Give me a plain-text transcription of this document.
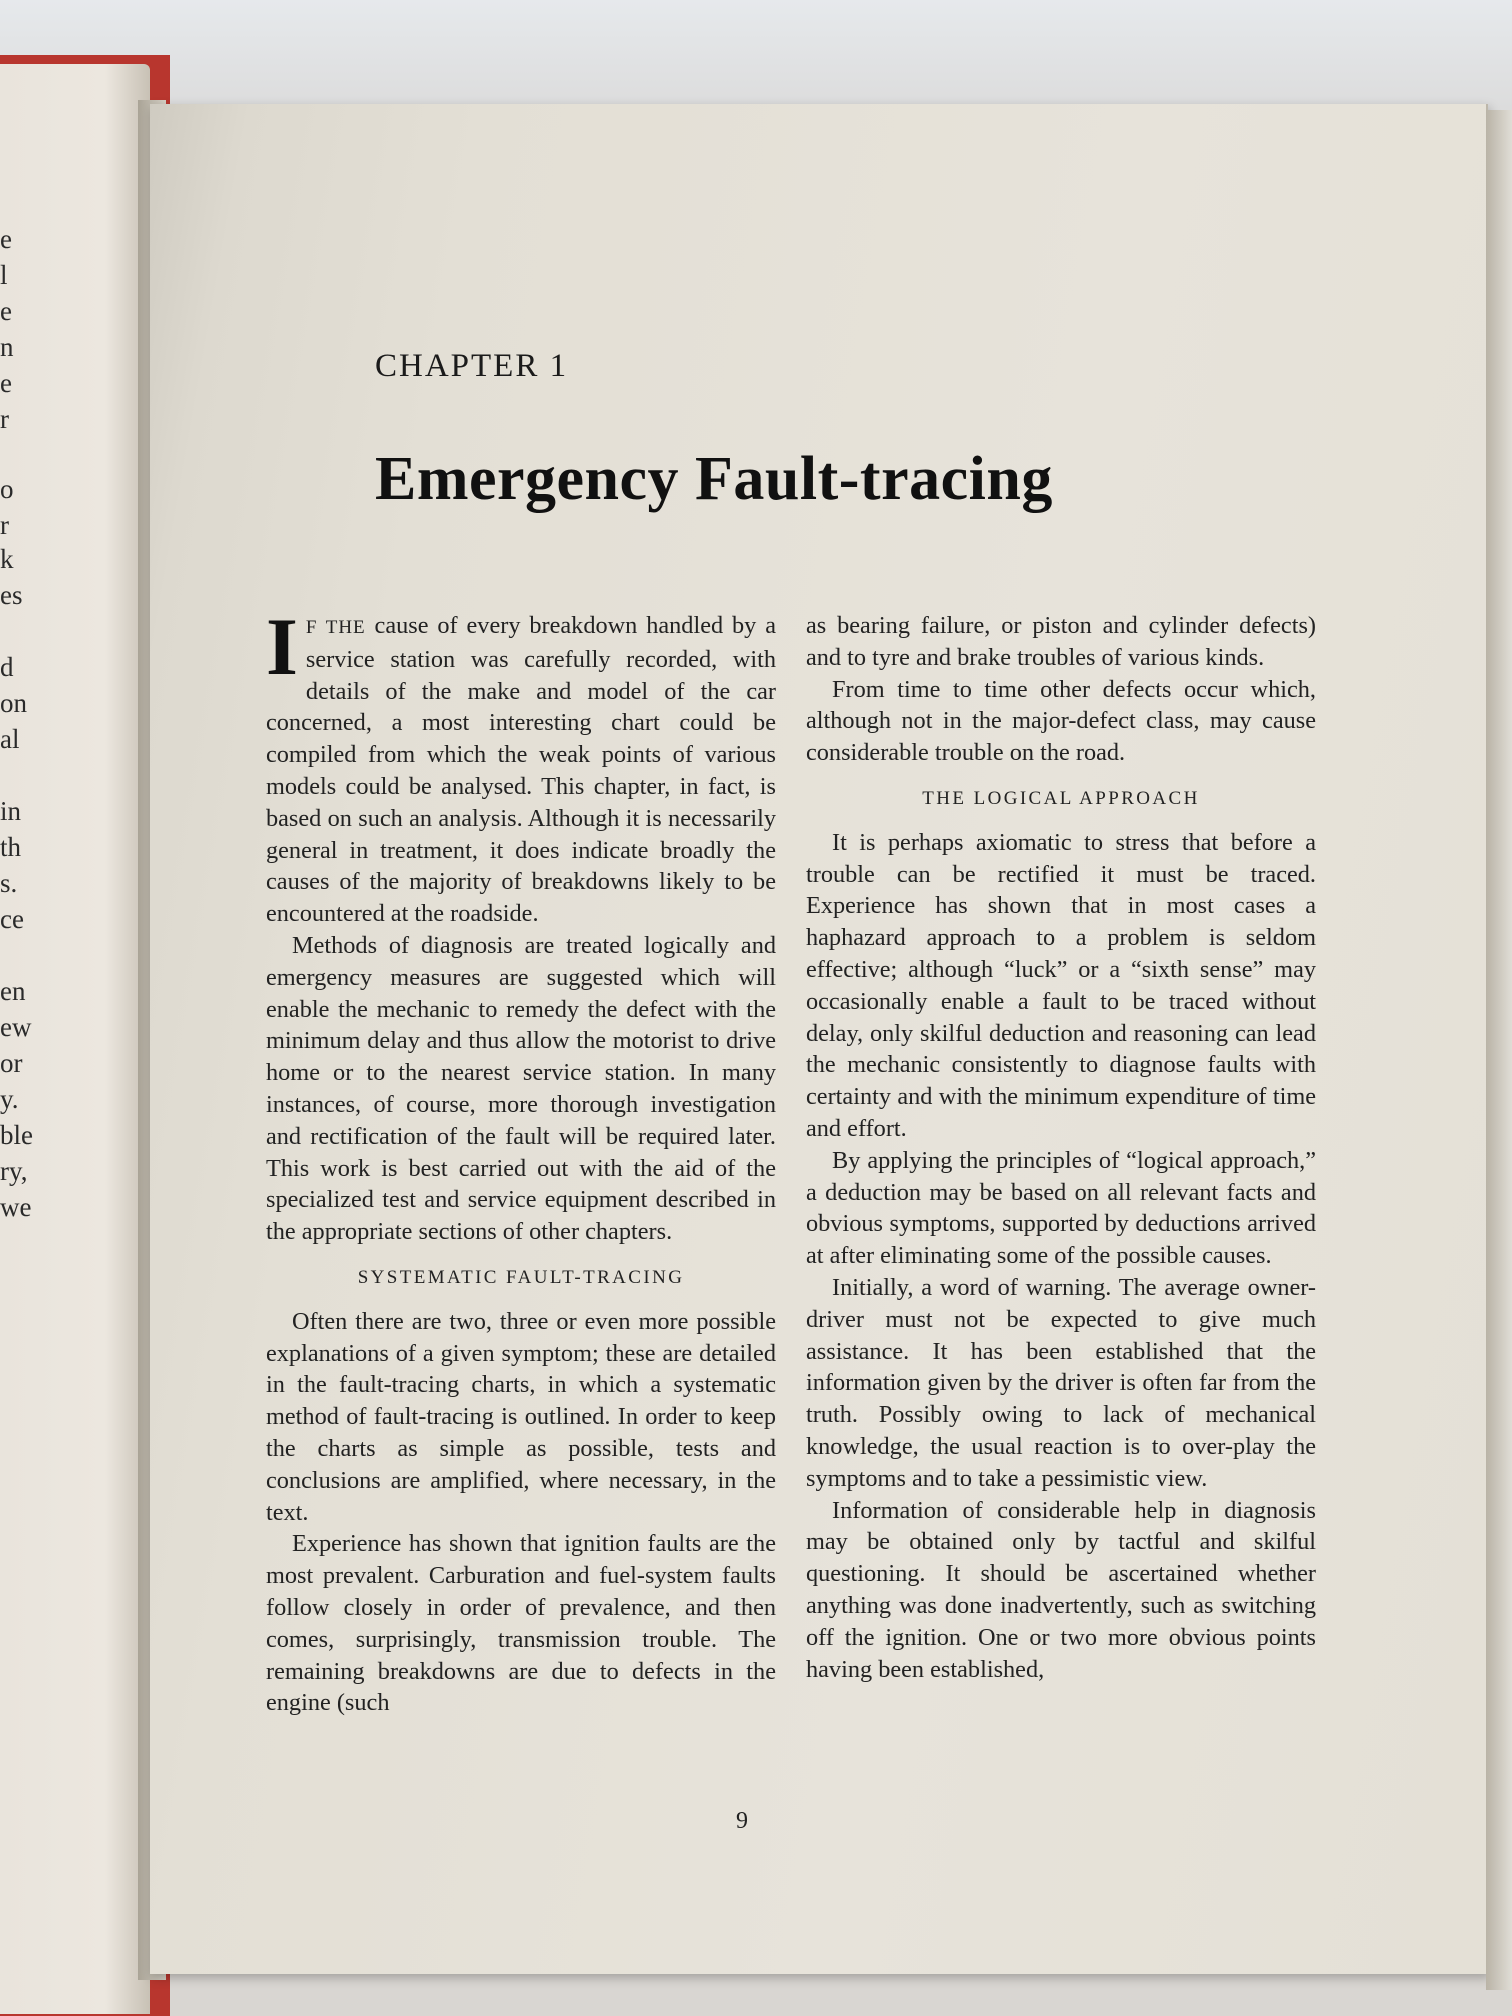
e
l
e
n
e
r
o
r
k
es
d
on
al
in
th
s.
ce
en
ew
or
y.
ble
ry,
we
CHAPTER 1
Emergency Fault-tracing

I F THE cause of every breakdown handled by a service station was carefully recorded, with details of the make and model of the car concerned, a most interesting chart could be compiled from which the weak points of various models could be analysed. This chapter, in fact, is based on such an analysis. Although it is necessarily general in treatment, it does indicate broadly the causes of the majority of breakdowns likely to be encountered at the roadside.

Methods of diagnosis are treated logically and emergency measures are suggested which will enable the mechanic to remedy the defect with the minimum delay and thus allow the motorist to drive home or to the nearest service station. In many instances, of course, more thorough investigation and rectification of the fault will be required later. This work is best carried out with the aid of the specialized test and service equipment described in the appropriate sections of other chapters.

SYSTEMATIC FAULT-TRACING

Often there are two, three or even more possible explanations of a given symptom; these are detailed in the fault-tracing charts, in which a systematic method of fault-tracing is outlined. In order to keep the charts as simple as possible, tests and conclusions are amplified, where necessary, in the text.

Experience has shown that ignition faults are the most prevalent. Carburation and fuel-system faults follow closely in order of prevalence, and then comes, surprisingly, transmission trouble. The remaining breakdowns are due to defects in the engine (such

as bearing failure, or piston and cylinder defects) and to tyre and brake troubles of various kinds.

From time to time other defects occur which, although not in the major-defect class, may cause considerable trouble on the road.

THE LOGICAL APPROACH

It is perhaps axiomatic to stress that before a trouble can be rectified it must be traced. Experience has shown that in most cases a haphazard approach to a problem is seldom effective; although “luck” or a “sixth sense” may occasionally enable a fault to be traced without delay, only skilful deduction and reasoning can lead the mechanic consistently to diagnose faults with certainty and with the minimum expenditure of time and effort.

By applying the principles of “logical approach,” a deduction may be based on all relevant facts and obvious symptoms, supported by deductions arrived at after eliminating some of the possible causes.

Initially, a word of warning. The average owner-driver must not be expected to give much assistance. It has been established that the information given by the driver is often far from the truth. Possibly owing to lack of mechanical knowledge, the usual reaction is to over-play the symptoms and to take a pessimistic view.

Information of considerable help in diagnosis may be obtained only by tactful and skilful questioning. It should be ascertained whether anything was done inadvertently, such as switching off the ignition. One or two more obvious points having been established,

9
